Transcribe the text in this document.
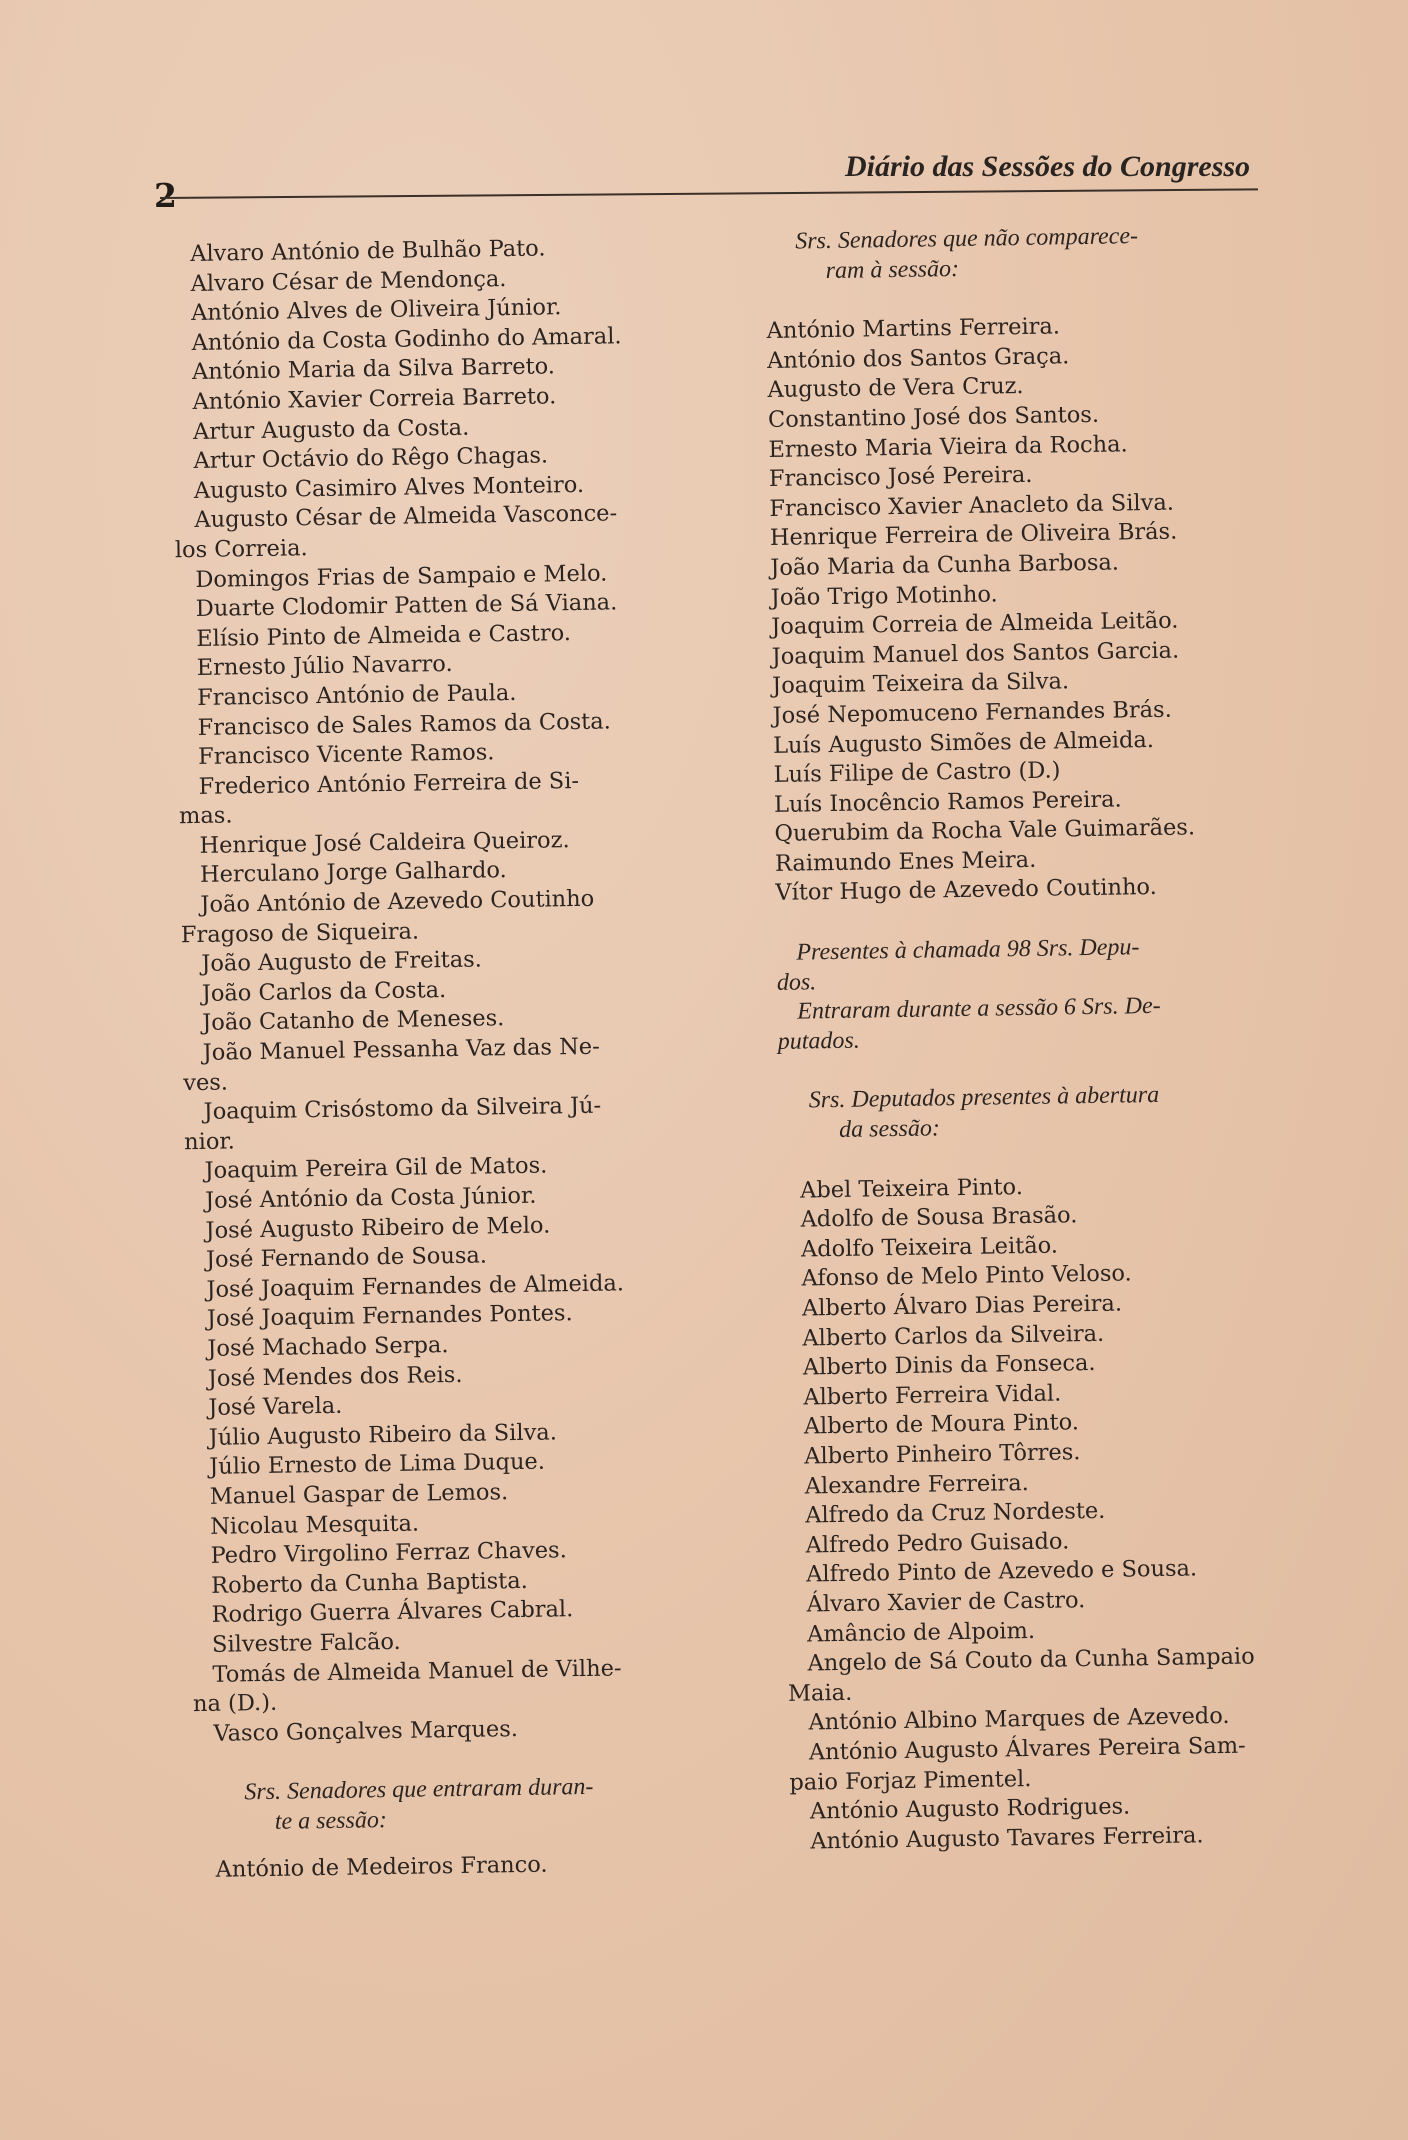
2
Diário das Sessões do Congresso
Alvaro António de Bulhão Pato.
Alvaro César de Mendonça.
António Alves de Oliveira Júnior.
António da Costa Godinho do Amaral.
António Maria da Silva Barreto.
António Xavier Correia Barreto.
Artur Augusto da Costa.
Artur Octávio do Rêgo Chagas.
Augusto Casimiro Alves Monteiro.
Augusto César de Almeida Vasconce-
los Correia.
Domingos Frias de Sampaio e Melo.
Duarte Clodomir Patten de Sá Viana.
Elísio Pinto de Almeida e Castro.
Ernesto Júlio Navarro.
Francisco António de Paula.
Francisco de Sales Ramos da Costa.
Francisco Vicente Ramos.
Frederico António Ferreira de Si-
mas.
Henrique José Caldeira Queiroz.
Herculano Jorge Galhardo.
João António de Azevedo Coutinho
Fragoso de Siqueira.
João Augusto de Freitas.
João Carlos da Costa.
João Catanho de Meneses.
João Manuel Pessanha Vaz das Ne-
ves.
Joaquim Crisóstomo da Silveira Jú-
nior.
Joaquim Pereira Gil de Matos.
José António da Costa Júnior.
José Augusto Ribeiro de Melo.
José Fernando de Sousa.
José Joaquim Fernandes de Almeida.
José Joaquim Fernandes Pontes.
José Machado Serpa.
José Mendes dos Reis.
José Varela.
Júlio Augusto Ribeiro da Silva.
Júlio Ernesto de Lima Duque.
Manuel Gaspar de Lemos.
Nicolau Mesquita.
Pedro Virgolino Ferraz Chaves.
Roberto da Cunha Baptista.
Rodrigo Guerra Álvares Cabral.
Silvestre Falcão.
Tomás de Almeida Manuel de Vilhe-
na (D.).
Vasco Gonçalves Marques.
Srs. Senadores que entraram duran-
te a sessão:
António de Medeiros Franco.
Srs. Senadores que não comparece-
ram à sessão:
António Martins Ferreira.
António dos Santos Graça.
Augusto de Vera Cruz.
Constantino José dos Santos.
Ernesto Maria Vieira da Rocha.
Francisco José Pereira.
Francisco Xavier Anacleto da Silva.
Henrique Ferreira de Oliveira Brás.
João Maria da Cunha Barbosa.
João Trigo Motinho.
Joaquim Correia de Almeida Leitão.
Joaquim Manuel dos Santos Garcia.
Joaquim Teixeira da Silva.
José Nepomuceno Fernandes Brás.
Luís Augusto Simões de Almeida.
Luís Filipe de Castro (D.)
Luís Inocêncio Ramos Pereira.
Querubim da Rocha Vale Guimarães.
Raimundo Enes Meira.
Vítor Hugo de Azevedo Coutinho.
Presentes à chamada 98 Srs. Depu-
dos.
Entraram durante a sessão 6 Srs. De-
putados.
Srs. Deputados presentes à abertura
da sessão:
Abel Teixeira Pinto.
Adolfo de Sousa Brasão.
Adolfo Teixeira Leitão.
Afonso de Melo Pinto Veloso.
Alberto Álvaro Dias Pereira.
Alberto Carlos da Silveira.
Alberto Dinis da Fonseca.
Alberto Ferreira Vidal.
Alberto de Moura Pinto.
Alberto Pinheiro Tôrres.
Alexandre Ferreira.
Alfredo da Cruz Nordeste.
Alfredo Pedro Guisado.
Alfredo Pinto de Azevedo e Sousa.
Álvaro Xavier de Castro.
Amâncio de Alpoim.
Angelo de Sá Couto da Cunha Sampaio
Maia.
António Albino Marques de Azevedo.
António Augusto Álvares Pereira Sam-
paio Forjaz Pimentel.
António Augusto Rodrigues.
António Augusto Tavares Ferreira.
